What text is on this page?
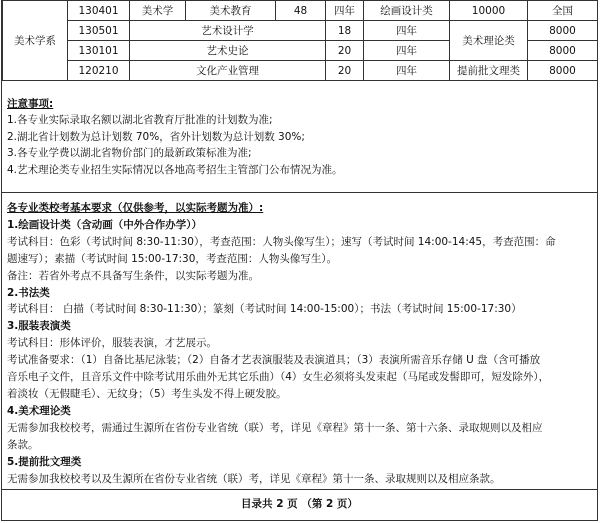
美术学系	130401	美术学	美术教育	48	四年	绘画设计类	10000	全国	
	130501	艺术设计学			18	四年	美术理论类	8000	
	130101	艺术史论			20	四年		8000	
	120210	文化产业管理			20	四年	提前批文理类	8000	
注意事项:
1.各专业实际录取名额以湖北省教育厅批准的计划数为准;
2.湖北省计划数为总计划数 70%，省外计划数为总计划数 30%;
3.各专业学费以湖北省物价部门的最新政策标准为准;
4.艺术理论类专业招生实际情况以各地高考招生主管部门公布情况为准。
各专业类校考基本要求（仅供参考，以实际考题为准）:
1.绘画设计类（含动画（中外合作办学））
考试科目：色彩（考试时间 8:30-11:30），考查范围：人物头像写生）；速写（考试时间 14:00-14:45，考查范围：命
题速写）；素描（考试时间 15:00-17:30，考查范围：人物头像写生）。
备注：若省外考点不具备写生条件，以实际考题为准。
2.书法类
考试科目： 白描（考试时间 8:30-11:30）；篆刻（考试时间 14:00-15:00）；书法（考试时间 15:00-17:30）
3.服装表演类
考试科目：形体评价，服装表演，才艺展示。
考试准备要求：（1）自备比基尼泳装；（2）自备才艺表演服装及表演道具；（3）表演所需音乐存储 U 盘（含可播放
音乐电子文件，且音乐文件中除考试用乐曲外无其它乐曲）（4）女生必须将头发束起（马尾或发髻即可，短发除外），
着淡妆（无假睫毛）、无纹身；（5）考生头发不得上硬发胶。
4.美术理论类
无需参加我校校考，需通过生源所在省份专业省统（联）考，详见《章程》第十一条、第十六条、录取规则以及相应
条款。
5.提前批文理类
无需参加我校校考以及生源所在省份专业省统（联）考，详见《章程》第十一条、录取规则以及相应条款。
目录共 2 页 （第 2 页）
